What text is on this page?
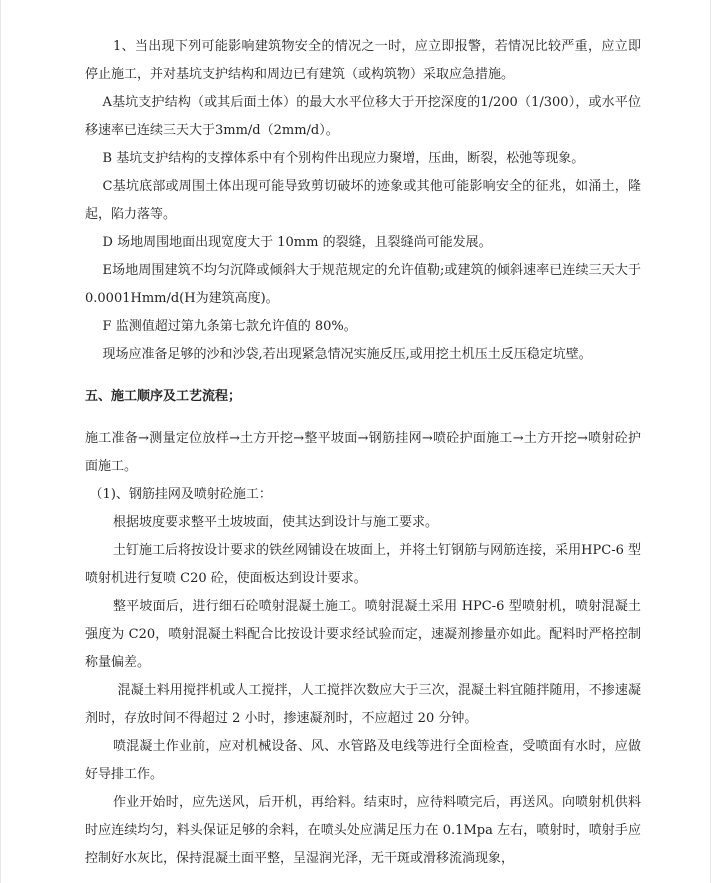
1、当出现下列可能影响建筑物安全的情况之一时，应立即报警，若情况比较严重，应立即停止施工，并对基坑支护结构和周边已有建筑（或构筑物）采取应急措施。

A基坑支护结构（或其后面土体）的最大水平位移大于开挖深度的1/200（1/300），或水平位移速率已连续三天大于3mm/d（2mm/d）。

B 基坑支护结构的支撑体系中有个别构件出现应力聚增，压曲，断裂，松弛等现象。

C基坑底部或周围土体出现可能导致剪切破坏的迹象或其他可能影响安全的征兆，如涌土，隆起，陷力落等。

D 场地周围地面出现宽度大于 10mm 的裂缝，且裂缝尚可能发展。

E场地周围建筑不均匀沉降或倾斜大于规范规定的允许值勒;或建筑的倾斜速率已连续三天大于 0.0001Hmm/d(H为建筑高度)。

F 监测值超过第九条第七款允许值的 80%。

现场应准备足够的沙和沙袋,若出现紧急情况实施反压,或用挖土机压土反压稳定坑壁。

五、施工顺序及工艺流程；

施工准备→测量定位放样→土方开挖→整平坡面→钢筋挂网→喷砼护面施工→土方开挖→喷射砼护面施工。

（1)、钢筋挂网及喷射砼施工：

根据坡度要求整平土坡坡面，使其达到设计与施工要求。

土钉施工后将按设计要求的铁丝网铺设在坡面上，并将土钉钢筋与网筋连接，采用HPC-6 型喷射机进行复喷 C20 砼，使面板达到设计要求。

整平坡面后，进行细石砼喷射混凝土施工。喷射混凝土采用 HPC-6 型喷射机，喷射混凝土强度为 C20，喷射混凝土料配合比按设计要求经试验而定，速凝剂掺量亦如此。配料时严格控制称量偏差。

混凝土料用搅拌机或人工搅拌，人工搅拌次数应大于三次，混凝土料宜随拌随用，不掺速凝剂时，存放时间不得超过 2 小时，掺速凝剂时，不应超过 20 分钟。

喷混凝土作业前，应对机械设备、风、水管路及电线等进行全面检查，受喷面有水时，应做好导排工作。

作业开始时，应先送风，后开机，再给料。结束时，应待料喷完后，再送风。向喷射机供料时应连续均匀，料头保证足够的余料，在喷头处应满足压力在 0.1Mpa 左右，喷射时，喷射手应控制好水灰比，保持混凝土面平整，呈湿润光泽，无干斑或滑移流淌现象，
